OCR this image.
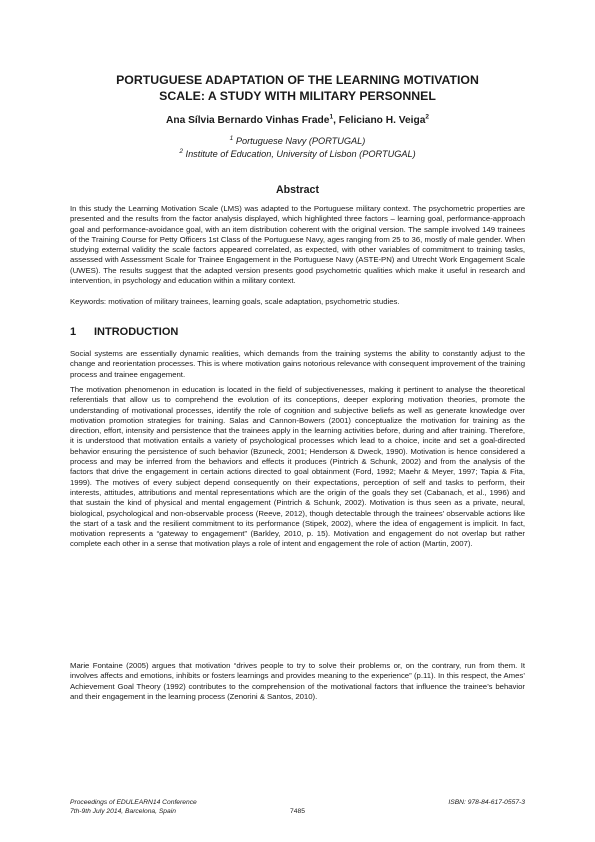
PORTUGUESE ADAPTATION OF THE LEARNING MOTIVATION
SCALE: A STUDY WITH MILITARY PERSONNEL

Ana Sílvia Bernardo Vinhas Frade$^1$, Feliciano H. Veiga$^2$

$^1$ Portuguese Navy (PORTUGAL)

$^2$ Institute of Education, University of Lisbon (PORTUGAL)

Abstract

In this study the Learning Motivation Scale (LMS) was adapted to the Portuguese military context. The psychometric properties are presented and the results from the factor analysis displayed, which highlighted three factors – learning goal, performance-approach goal and performance-avoidance goal, with an item distribution coherent with the original version. The sample involved 149 trainees of the Training Course for Petty Officers 1st Class of the Portuguese Navy, ages ranging from 25 to 36, mostly of male gender. When studying external validity the scale factors appeared correlated, as expected, with other variables of commitment to training tasks, assessed with Assessment Scale for Trainee Engagement in the Portuguese Navy (ASTE-PN) and Utrecht Work Engagement Scale (UWES). The results suggest that the adapted version presents good psychometric qualities which make it useful in research and intervention, in psychology and education within a military context.

Keywords: motivation of military trainees, learning goals, scale adaptation, psychometric studies.

1 INTRODUCTION

Social systems are essentially dynamic realities, which demands from the training systems the ability to constantly adjust to the change and reorientation processes. This is where motivation gains notorious relevance with consequent improvement of the training process and trainee engagement.

The motivation phenomenon in education is located in the field of subjectivenesses, making it pertinent to analyse the theoretical referentials that allow us to comprehend the evolution of its conceptions, deeper exploring motivation theories, promote the understanding of motivational processes, identify the role of cognition and subjective beliefs as well as generate knowledge over motivation promotion strategies for training. Salas and Cannon-Bowers (2001) conceptualize the motivation for training as the direction, effort, intensity and persistence that the trainees apply in the learning activities before, during and after training. Therefore, it is understood that motivation entails a variety of psychological processes which lead to a choice, incite and set a goal-directed behavior ensuring the persistence of such behavior (Bzuneck, 2001; Henderson & Dweck, 1990). Motivation is hence considered a process and may be inferred from the behaviors and effects it produces (Pintrich & Schunk, 2002) and from the analysis of the factors that drive the engagement in certain actions directed to goal obtainment (Ford, 1992; Maehr & Meyer, 1997; Tapia & Fita, 1999). The motives of every subject depend consequently on their expectations, perception of self and tasks to perform, their interests, attitudes, attributions and mental representations which are the origin of the goals they set (Cabanach, et al., 1996) and that sustain the kind of physical and mental engagement (Pintrich & Schunk, 2002). Motivation is thus seen as a private, neural, biological, psychological and non-observable process (Reeve, 2012), though detectable through the trainees’ observable actions like the start of a task and the resilient commitment to its performance (Stipek, 2002), where the idea of engagement is implicit. In fact, motivation represents a “gateway to engagement” (Barkley, 2010, p. 15). Motivation and engagement do not overlap but rather complete each other in a sense that motivation plays a role of intent and engagement the role of action (Martin, 2007).

Marie Fontaine (2005) argues that motivation “drives people to try to solve their problems or, on the contrary, run from them. It involves affects and emotions, inhibits or fosters learnings and provides meaning to the experience” (p.11). In this respect, the Ames’ Achievement Goal Theory (1992) contributes to the comprehension of the motivational factors that influence the trainee’s behavior and their engagement in the learning process (Zenorini & Santos, 2010).

Proceedings of EDULEARN14 Conference
7th-9th July 2014, Barcelona, Spain	7485
ISBN: 978-84-617-0557-3
